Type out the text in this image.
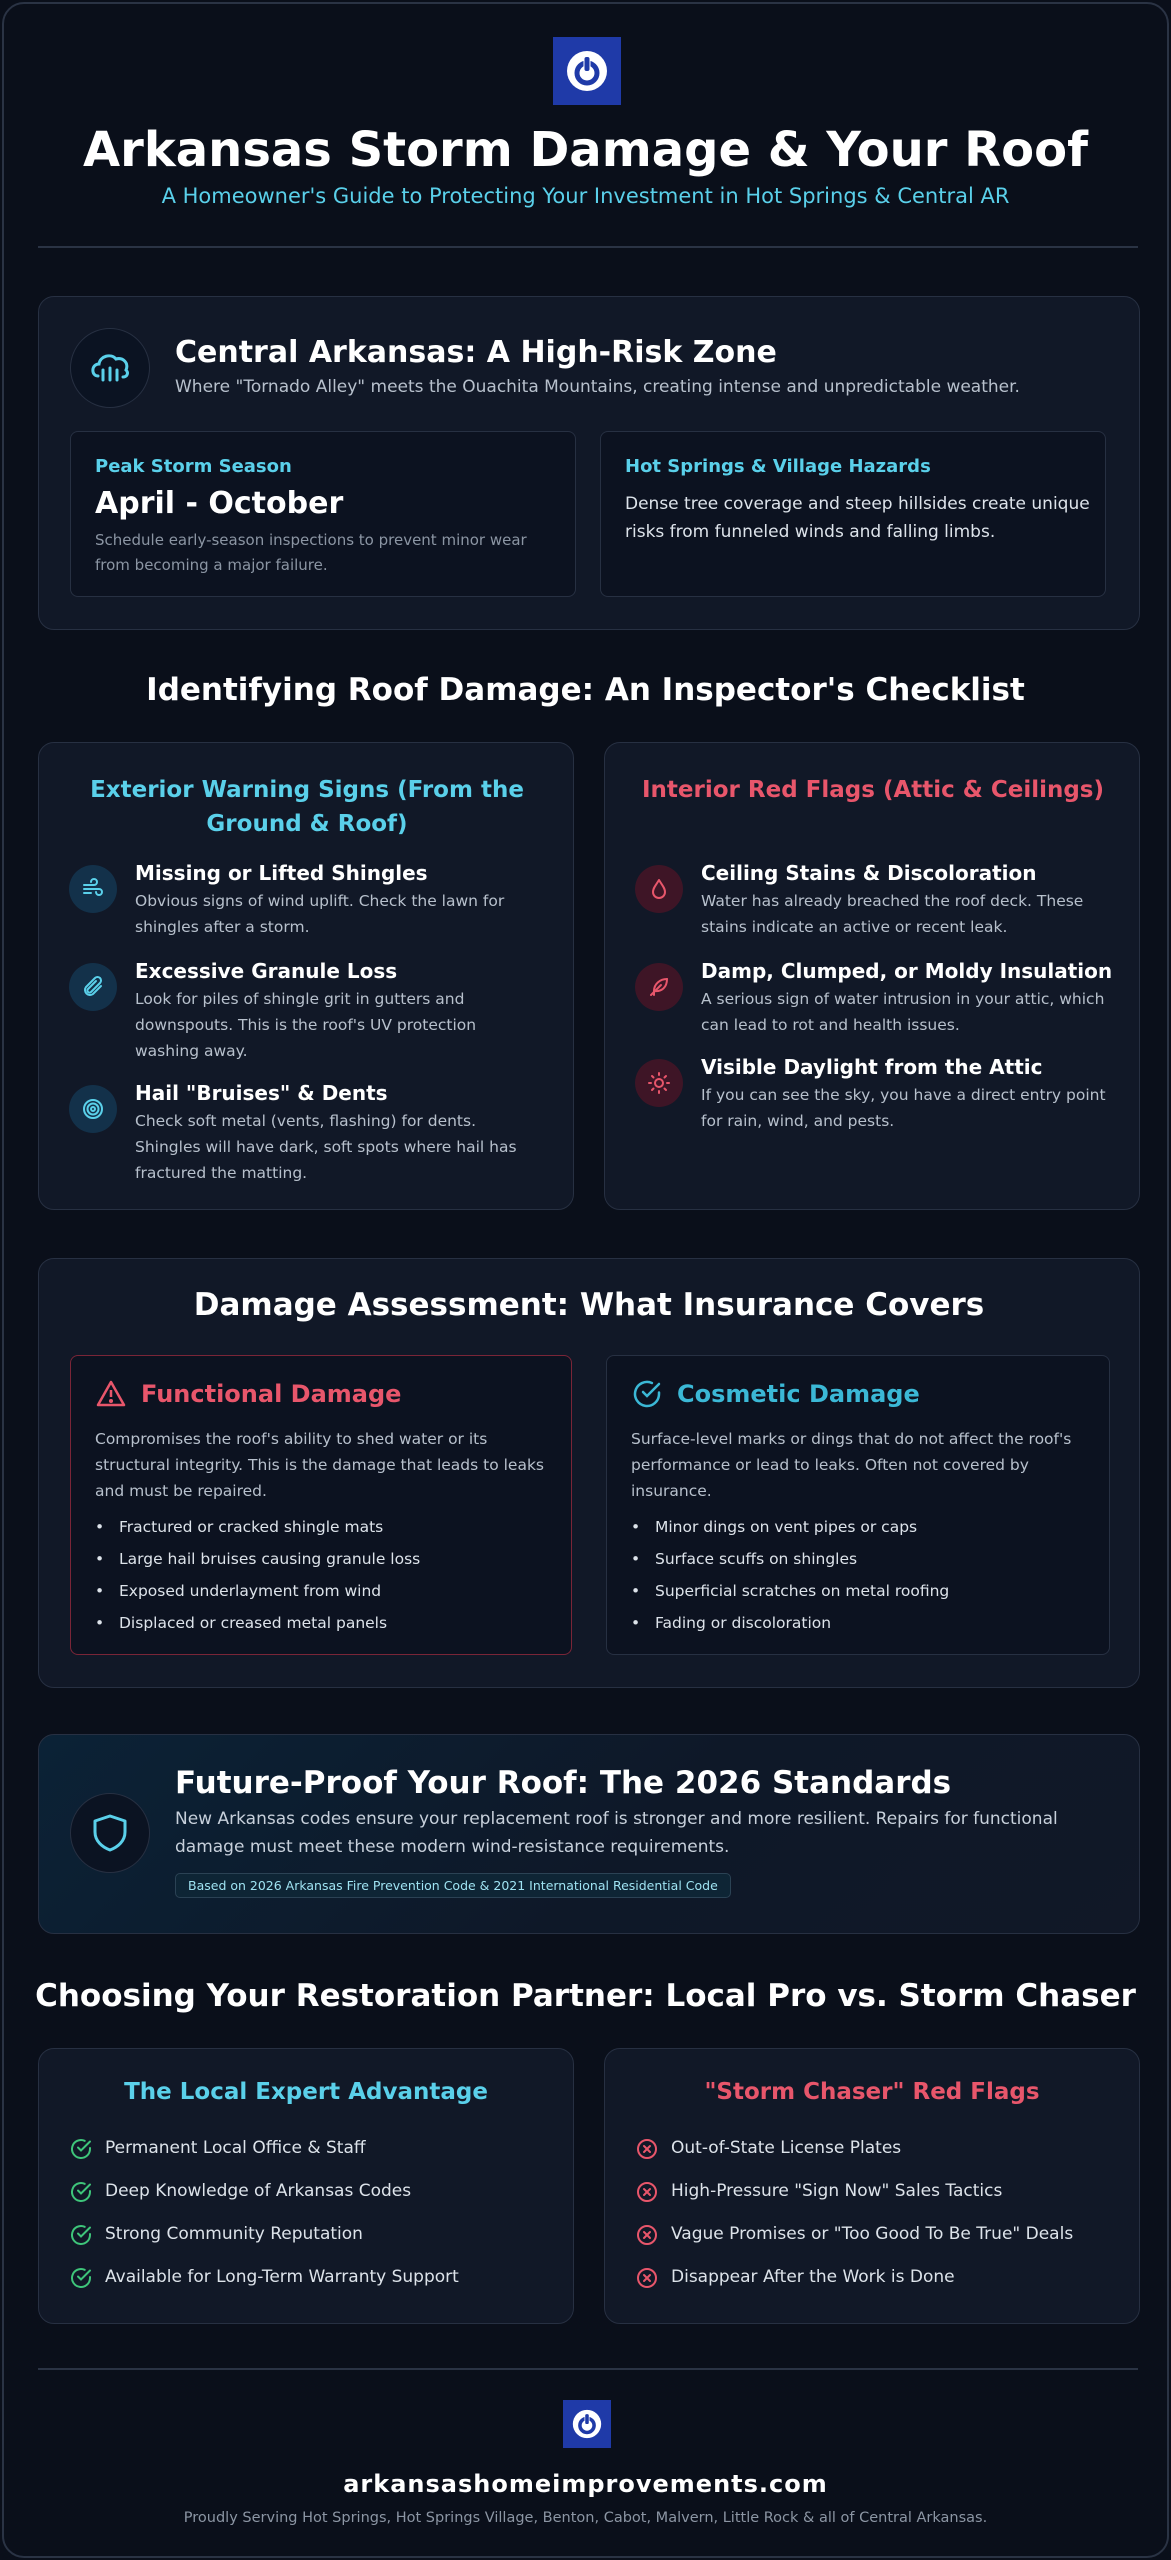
Arkansas Storm Damage & Your Roof
A Homeowner's Guide to Protecting Your Investment in Hot Springs & Central AR
Central Arkansas: A High-Risk Zone
Where "Tornado Alley" meets the Ouachita Mountains, creating intense and unpredictable weather.
Peak Storm Season
April - October
Schedule early-season inspections to prevent minor wear from becoming a major failure.
Hot Springs & Village Hazards
Dense tree coverage and steep hillsides create unique risks from funneled winds and falling limbs.
Identifying Roof Damage: An Inspector's Checklist
Exterior Warning Signs (From the Ground & Roof)
Missing or Lifted Shingles
Obvious signs of wind uplift. Check the lawn for shingles after a storm.
Excessive Granule Loss
Look for piles of shingle grit in gutters and downspouts. This is the roof's UV protection washing away.
Hail "Bruises" & Dents
Check soft metal (vents, flashing) for dents. Shingles will have dark, soft spots where hail has fractured the matting.
Interior Red Flags (Attic & Ceilings)
Ceiling Stains & Discoloration
Water has already breached the roof deck. These stains indicate an active or recent leak.
Damp, Clumped, or Moldy Insulation
A serious sign of water intrusion in your attic, which can lead to rot and health issues.
Visible Daylight from the Attic
If you can see the sky, you have a direct entry point for rain, wind, and pests.
Damage Assessment: What Insurance Covers
Functional Damage
Compromises the roof's ability to shed water or its structural integrity. This is the damage that leads to leaks and must be repaired.
• Fractured or cracked shingle mats
• Large hail bruises causing granule loss
• Exposed underlayment from wind
• Displaced or creased metal panels
Cosmetic Damage
Surface-level marks or dings that do not affect the roof's performance or lead to leaks. Often not covered by insurance.
• Minor dings on vent pipes or caps
• Surface scuffs on shingles
• Superficial scratches on metal roofing
• Fading or discoloration
Future-Proof Your Roof: The 2026 Standards
New Arkansas codes ensure your replacement roof is stronger and more resilient. Repairs for functional damage must meet these modern wind-resistance requirements.
Based on 2026 Arkansas Fire Prevention Code & 2021 International Residential Code
Choosing Your Restoration Partner: Local Pro vs. Storm Chaser
The Local Expert Advantage
Permanent Local Office & Staff
Deep Knowledge of Arkansas Codes
Strong Community Reputation
Available for Long-Term Warranty Support
"Storm Chaser" Red Flags
Out-of-State License Plates
High-Pressure "Sign Now" Sales Tactics
Vague Promises or "Too Good To Be True" Deals
Disappear After the Work is Done
arkansashomeimprovements.com
Proudly Serving Hot Springs, Hot Springs Village, Benton, Cabot, Malvern, Little Rock & all of Central Arkansas.
